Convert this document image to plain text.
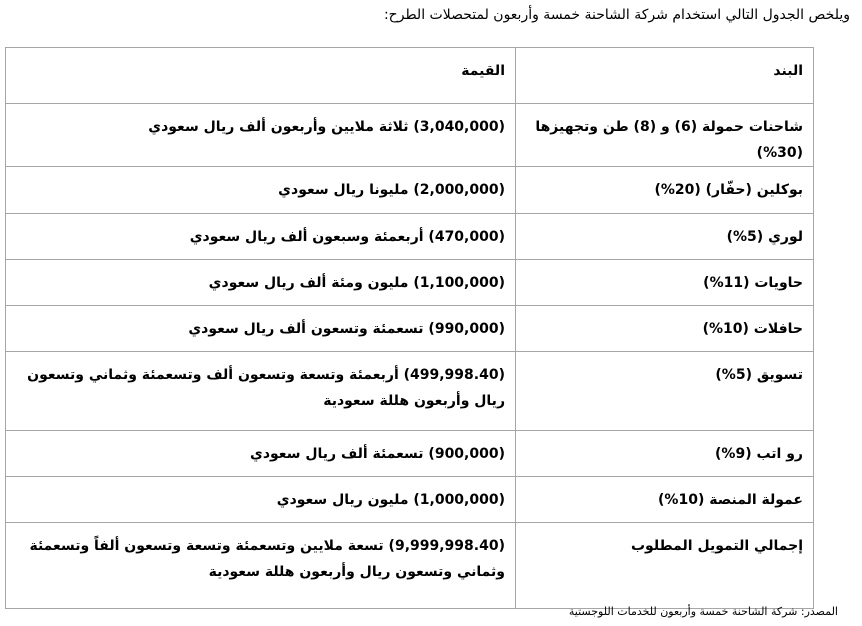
ويلخص الجدول التالي استخدام شركة الشاحنة خمسة وأربعون لمتحصلات الطرح:
البند	القيمة
شاحنات حمولة (6) و (8) طن وتجهيزها (30%)	(3,040,000) ثلاثة ملايين وأربعون ألف ريال سعودي
بوكلين (حفّار) (20%)	(2,000,000) مليونا ريال سعودي
لوري (5%)	(470,000) أربعمئة وسبعون ألف ريال سعودي
حاويات (11%)	(1,100,000) مليون ومئة ألف ريال سعودي
حافلات (10%)	(990,000) تسعمئة وتسعون ألف ريال سعودي
تسويق (5%)	(499,998.40) أربعمئة وتسعة وتسعون ألف وتسعمئة وثماني وتسعون ريال وأربعون هللة سعودية
رو اتب (9%)	(900,000) تسعمئة ألف ريال سعودي
عمولة المنصة (10%)	(1,000,000) مليون ريال سعودي
إجمالي التمويل المطلوب	(9,999,998.40) تسعة ملايين وتسعمئة وتسعة وتسعون ألفاً وتسعمئة وثماني وتسعون ريال وأربعون هللة سعودية
المصدر: شركة الشاحنة خمسة وأربعون للخدمات اللوجستية
